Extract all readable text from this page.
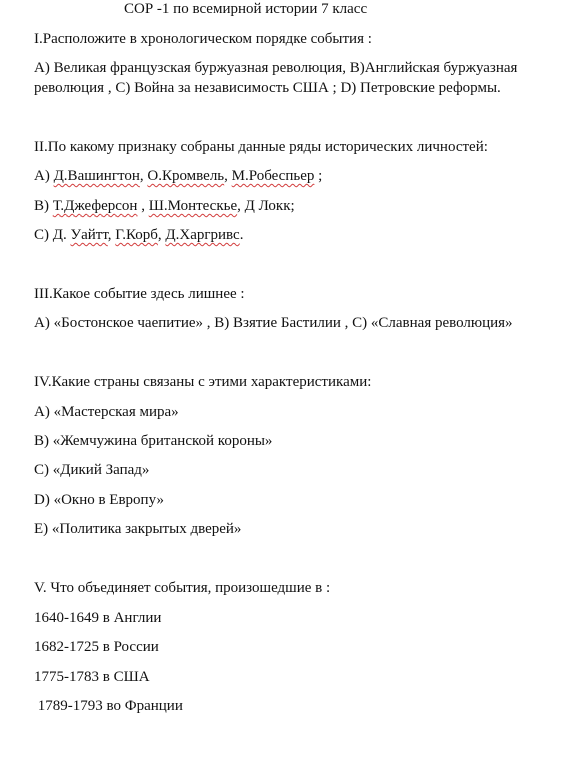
СОР -1 по всемирной истории 7 класс
I.Расположите в хронологическом порядке события :
A) Великая французская буржуазная революция, B)Английская буржуазная
революция , C) Война за независимость США ; D) Петровские реформы.
II.По какому признаку собраны данные ряды исторических личностей:
A) Д.Вашингтон, О.Кромвель, М.Робеспьер ;
B) Т.Джеферсон , Ш.Монтескье, Д Локк;
C) Д. Уайтт, Г.Корб, Д.Харгривс.
III.Какое событие здесь лишнее :
A) «Бостонское чаепитие» , B) Взятие Бастилии , C) «Славная революция»
IV.Какие страны связаны с этими характеристиками:
A) «Мастерская мира»
B) «Жемчужина британской короны»
C) «Дикий Запад»
D) «Окно в Европу»
E) «Политика закрытых дверей»
V. Что объединяет события, произошедшие в :
1640-1649 в Англии
1682-1725 в России
1775-1783 в США
1789-1793 во Франции
